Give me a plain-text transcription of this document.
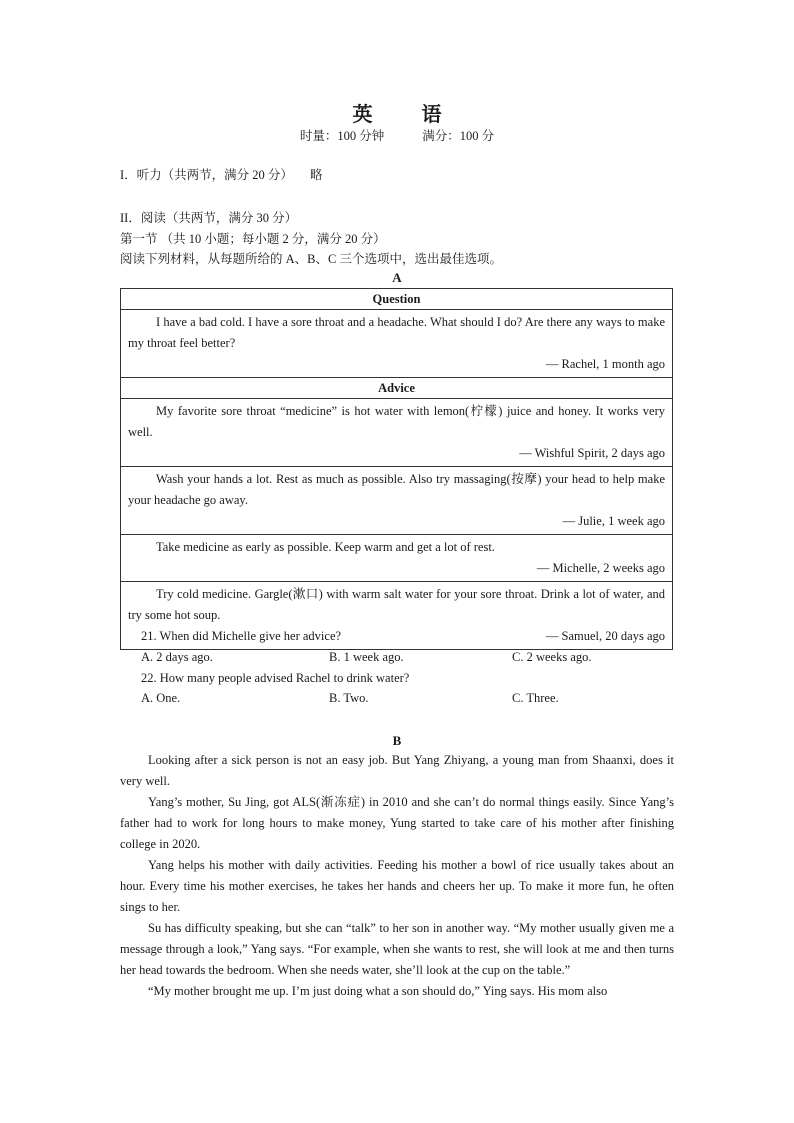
英 语
时量：100 分钟	满分：100 分
I．听力（共两节，满分 20 分） 略
II．阅读（共两节，满分 30 分）
第一节 （共 10 小题；每小题 2 分，满分 20 分）
阅读下列材料，从每题所给的 A、B、C 三个选项中，选出最佳选项。
A
Question

I have a bad cold. I have a sore throat and a headache. What should I do? Are there any ways to make my throat feel better?
— Rachel, 1 month ago

Advice

My favorite sore throat “medicine” is hot water with lemon(柠檬) juice and honey. It works very well.
— Wishful Spirit, 2 days ago

Wash your hands a lot. Rest as much as possible. Also try massaging(按摩) your head to help make your headache go away.
— Julie, 1 week ago

Take medicine as early as possible. Keep warm and get a lot of rest.
— Michelle, 2 weeks ago

Try cold medicine. Gargle(漱口) with warm salt water for your sore throat. Drink a lot of water, and try some hot soup.
— Samuel, 20 days ago
21. When did Michelle give her advice?
A. 2 days ago.	B. 1 week ago.	C. 2 weeks ago.
22. How many people advised Rachel to drink water?
A. One.	B. Two.	C. Three.
B

Looking after a sick person is not an easy job. But Yang Zhiyang, a young man from Shaanxi, does it very well.

Yang’s mother, Su Jing, got ALS(渐冻症) in 2010 and she can’t do normal things easily. Since Yang’s father had to work for long hours to make money, Yung started to take care of his mother after finishing college in 2020.

Yang helps his mother with daily activities. Feeding his mother a bowl of rice usually takes about an hour. Every time his mother exercises, he takes her hands and cheers her up. To make it more fun, he often sings to her.

Su has difficulty speaking, but she can “talk” to her son in another way. “My mother usually given me a message through a look,” Yang says. “For example, when she wants to rest, she will look at me and then turns her head towards the bedroom. When she needs water, she’ll look at the cup on the table.”

“My mother brought me up. I’m just doing what a son should do,” Ying says. His mom also
